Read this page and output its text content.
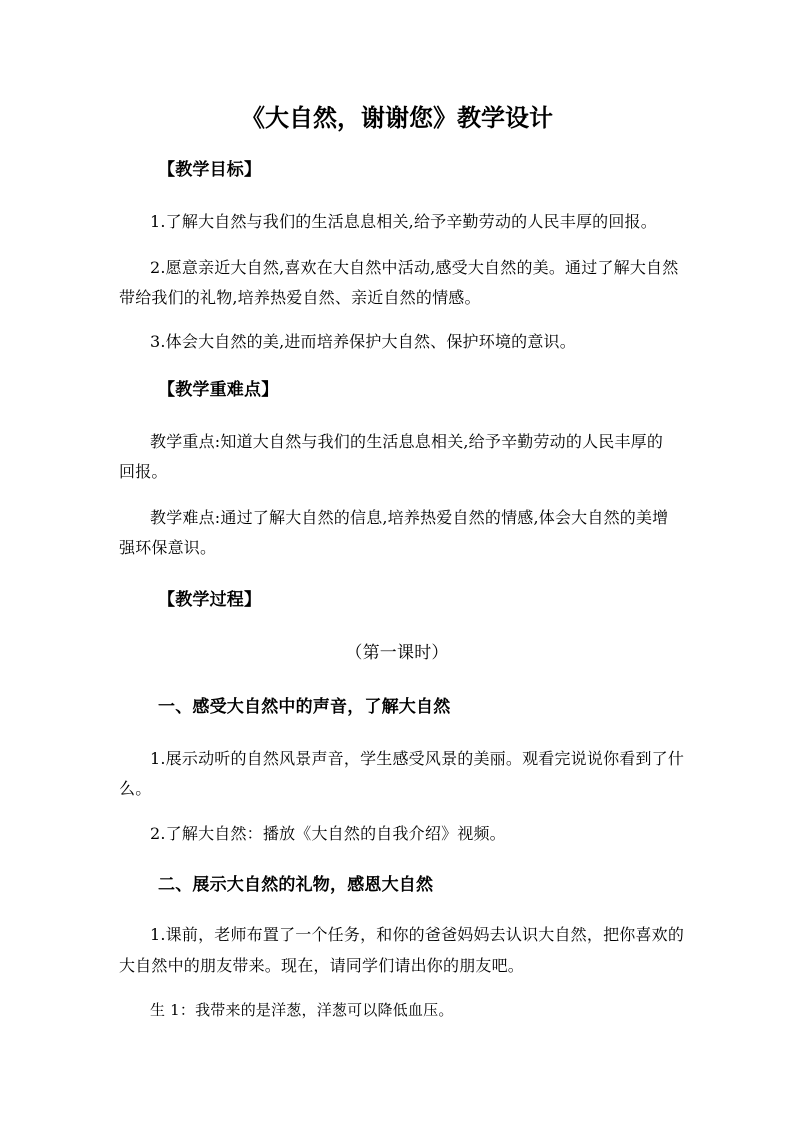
《大自然，谢谢您》教学设计

【教学目标】

1.了解大自然与我们的生活息息相关,给予辛勤劳动的人民丰厚的回报。

2.愿意亲近大自然,喜欢在大自然中活动,感受大自然的美。通过了解大自然

带给我们的礼物,培养热爱自然、亲近自然的情感。

3.体会大自然的美,进而培养保护大自然、保护环境的意识。

【教学重难点】

教学重点:知道大自然与我们的生活息息相关,给予辛勤劳动的人民丰厚的

回报。

教学难点:通过了解大自然的信息,培养热爱自然的情感,体会大自然的美增

强环保意识。

【教学过程】

（第一课时）

一、感受大自然中的声音，了解大自然

1.展示动听的自然风景声音，学生感受风景的美丽。观看完说说你看到了什

么。

2.了解大自然：播放《大自然的自我介绍》视频。

二、展示大自然的礼物，感恩大自然

1.课前，老师布置了一个任务，和你的爸爸妈妈去认识大自然，把你喜欢的

大自然中的朋友带来。现在，请同学们请出你的朋友吧。

生 1：我带来的是洋葱，洋葱可以降低血压。
